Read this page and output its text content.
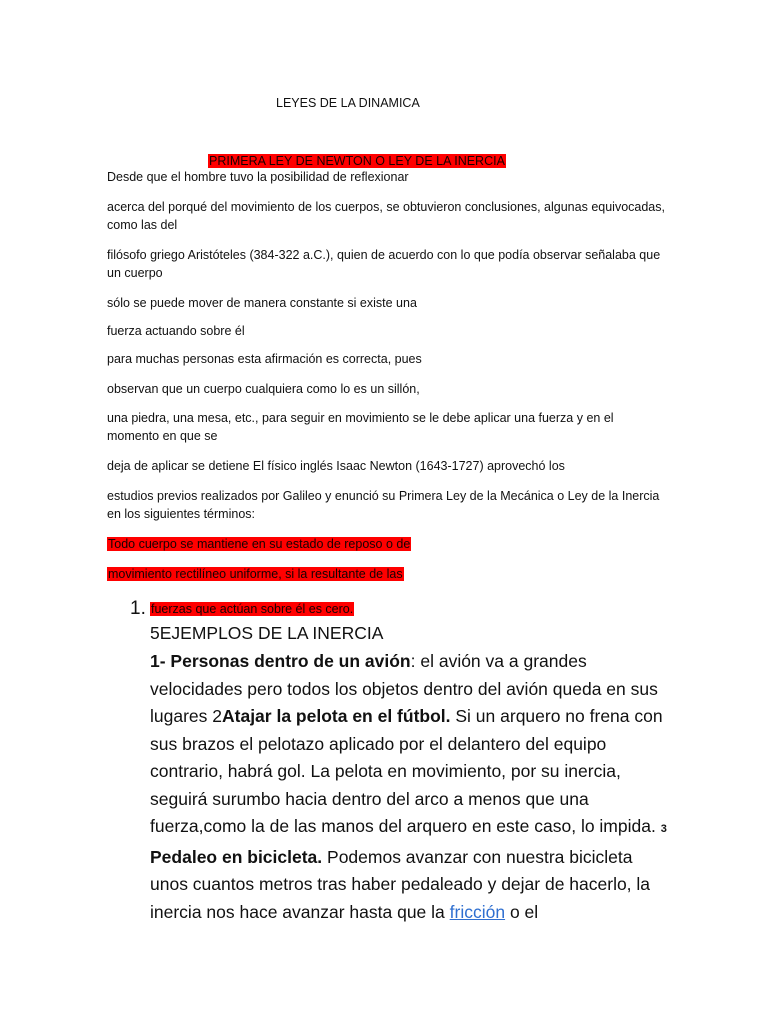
LEYES DE LA DINAMICA
PRIMERA LEY DE NEWTON O LEY DE LA INERCIA
Desde que el hombre tuvo la posibilidad de reflexionar
acerca del porqué del movimiento de los cuerpos, se obtuvieron conclusiones, algunas equivocadas, como las del
filósofo griego Aristóteles (384-322 a.C.), quien de acuerdo con lo que podía observar señalaba que un cuerpo
sólo se puede mover de manera constante si existe una
fuerza actuando sobre él
para muchas personas esta afirmación es correcta, pues
observan que un cuerpo cualquiera como lo es un sillón,
una piedra, una mesa, etc., para seguir en movimiento se le debe aplicar una fuerza y en el momento en que se
deja de aplicar se detiene El físico inglés Isaac Newton (1643-1727) aprovechó los
estudios previos realizados por Galileo y enunció su Primera Ley de la Mecánica o Ley de la Inercia en los siguientes términos:
Todo cuerpo se mantiene en su estado de reposo o de
movimiento rectilíneo uniforme, si la resultante de las
1. fuerzas que actúan sobre él es cero.
5EJEMPLOS DE LA INERCIA
1- Personas dentro de un avión: el avión va a grandes velocidades pero todos los objetos dentro del avión queda en sus lugares 2Atajar la pelota en el fútbol. Si un arquero no frena con sus brazos el pelotazo aplicado por el delantero del equipo contrario, habrá gol. La pelota en movimiento, por su inercia, seguirá surumbo hacia dentro del arco a menos que una fuerza,como la de las manos del arquero en este caso, lo impida. 3 Pedaleo en bicicleta. Podemos avanzar con nuestra bicicleta unos cuantos metros tras haber pedaleado y dejar de hacerlo, la inercia nos hace avanzar hasta que la fricción o el
